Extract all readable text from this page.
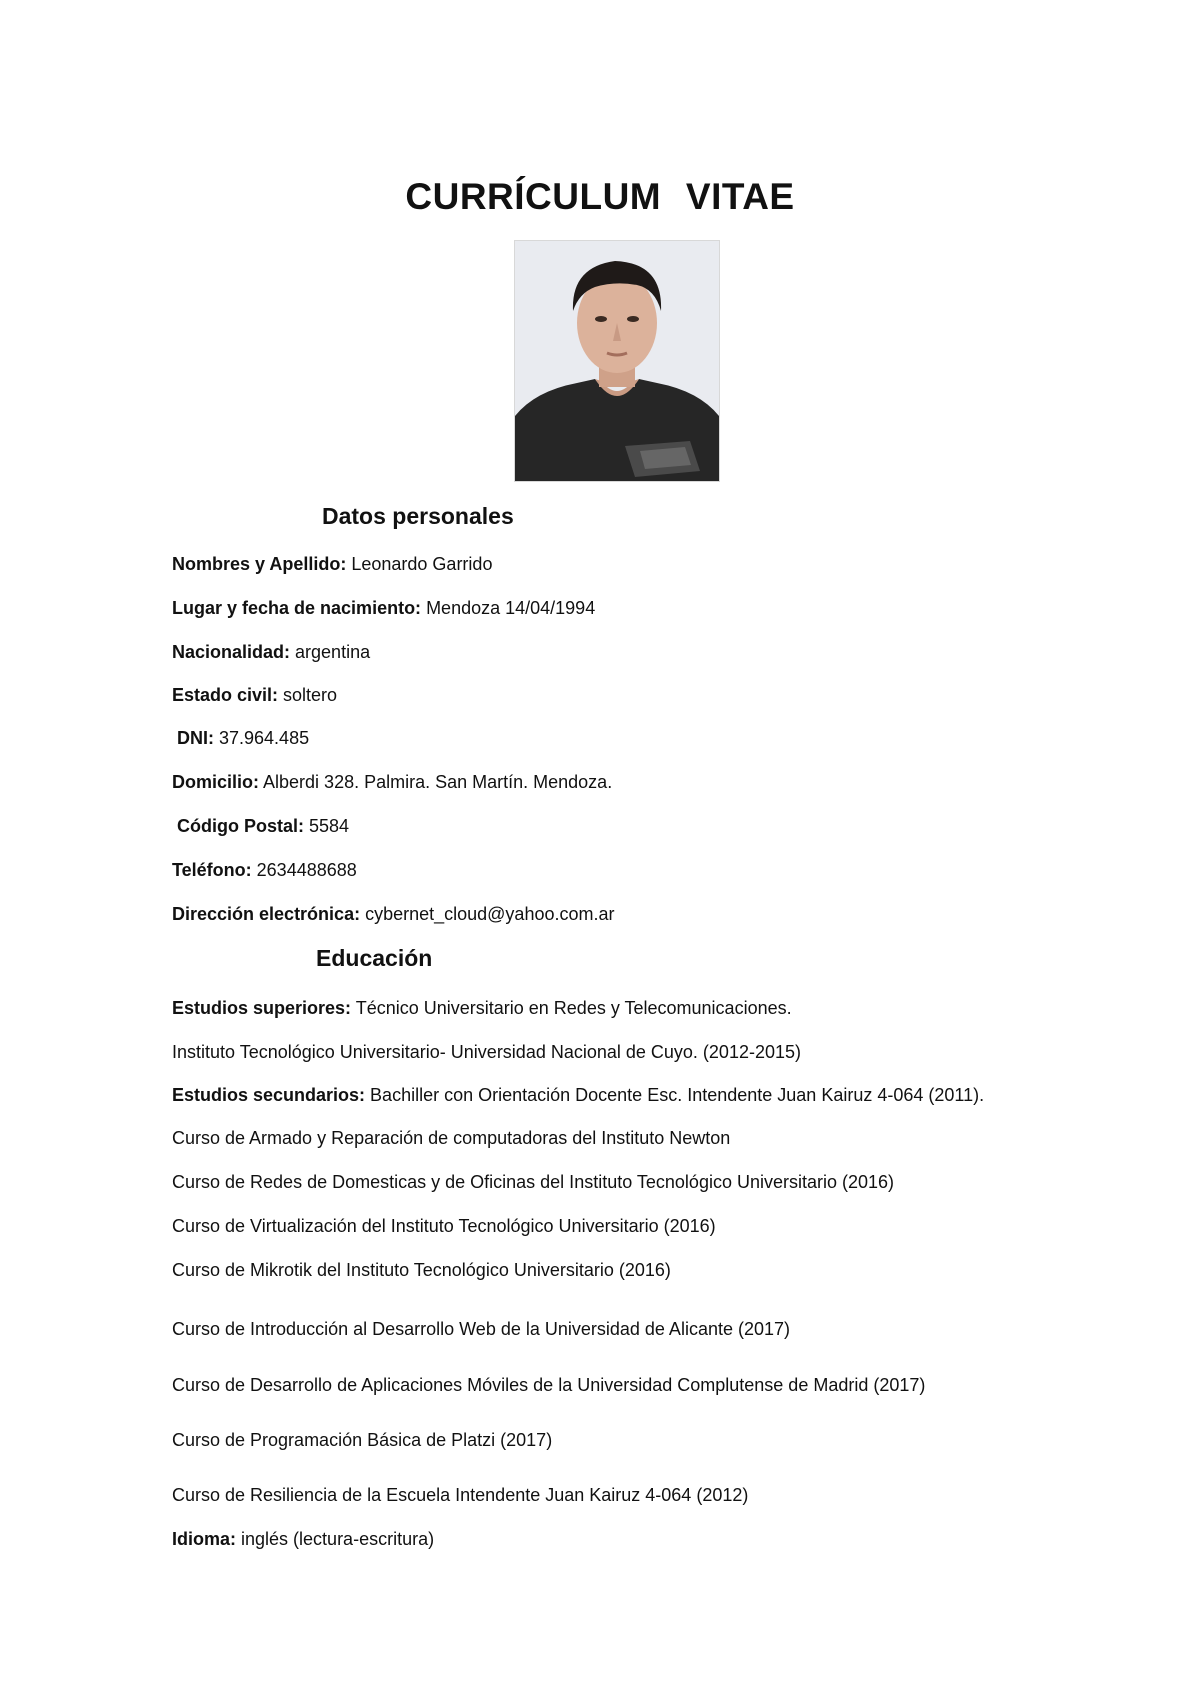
CURRÍCULUM VITAE
Datos personales
Nombres y Apellido: Leonardo Garrido
Lugar y fecha de nacimiento: Mendoza 14/04/1994
Nacionalidad: argentina
Estado civil: soltero
DNI: 37.964.485
Domicilio: Alberdi 328. Palmira. San Martín. Mendoza.
Código Postal: 5584
Teléfono: 2634488688
Dirección electrónica: cybernet_cloud@yahoo.com.ar
Educación
Estudios superiores: Técnico Universitario en Redes y Telecomunicaciones.
Instituto Tecnológico Universitario- Universidad Nacional de Cuyo. (2012-2015)
Estudios secundarios: Bachiller con Orientación Docente Esc. Intendente Juan Kairuz 4-064 (2011).
Curso de Armado y Reparación de computadoras del Instituto Newton
Curso de Redes de Domesticas y de Oficinas del Instituto Tecnológico Universitario (2016)
Curso de Virtualización del Instituto Tecnológico Universitario (2016)
Curso de Mikrotik del Instituto Tecnológico Universitario (2016)
Curso de Introducción al Desarrollo Web de la Universidad de Alicante (2017)
Curso de Desarrollo de Aplicaciones Móviles de la Universidad Complutense de Madrid (2017)
Curso de Programación Básica de Platzi (2017)
Curso de Resiliencia de la Escuela Intendente Juan Kairuz 4-064 (2012)
Idioma: inglés (lectura-escritura)
